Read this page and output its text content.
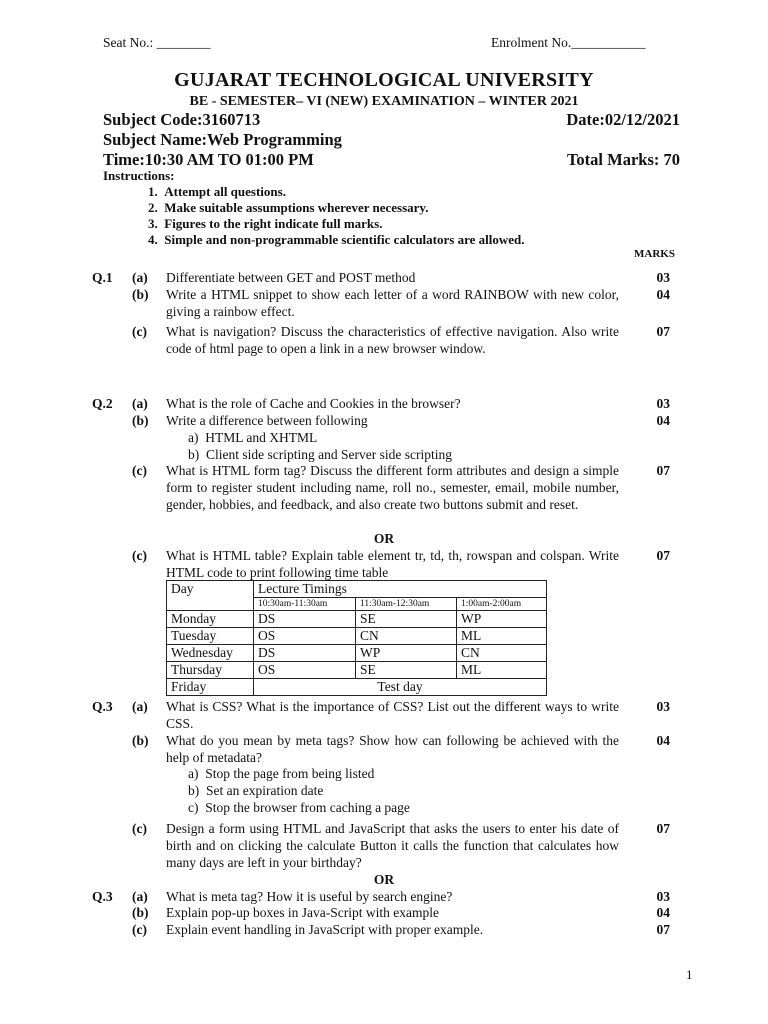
Seat No.: ________	Enrolment No.___________
GUJARAT TECHNOLOGICAL UNIVERSITY
BE - SEMESTER– VI (NEW) EXAMINATION – WINTER 2021
Subject Code:3160713	Date:02/12/2021
Subject Name:Web Programming
Time:10:30 AM TO 01:00 PM	Total Marks: 70
Instructions:
1.  Attempt all questions.
2.  Make suitable assumptions wherever necessary.
3.  Figures to the right indicate full marks.
4.  Simple and non-programmable scientific calculators are allowed.
MARKS
Q.1 (a) Differentiate between GET and POST method	03
(b) Write a HTML snippet to show each letter of a word RAINBOW with new color, giving a rainbow effect.
04
(c) What is navigation? Discuss the characteristics of effective navigation. Also write code of html page to open a link in a new browser window.
07
Q.2 (a) What is the role of Cache and Cookies in the browser?	03
(b) Write a difference between following	04
a)  HTML and XHTML
b)  Client side scripting and Server side scripting
(c) What is HTML form tag? Discuss the different form attributes and design a simple form to register student including name, roll no., semester, email, mobile number, gender, hobbies, and feedback, and also create two buttons submit and reset.
07
OR
(c) What is HTML table? Explain table element tr, td, th, rowspan and colspan. Write HTML code to print following time table
07
Day	Lecture Timings		
	10:30am-11:30am	11:30am-12:30am	1:00am-2:00am
Monday	DS	SE	WP
Tuesday	OS	CN	ML
Wednesday	DS	WP	CN
Thursday	OS	SE	ML
Friday	Test day		
Q.3 (a) What is CSS? What is the importance of CSS? List out the different ways to write CSS.
03
(b) What do you mean by meta tags? Show how can following be achieved with the help of metadata?
04
a)  Stop the page from being listed
b)  Set an expiration date
c)  Stop the browser from caching a page
(c) Design a form using HTML and JavaScript that asks the users to enter his date of birth and on clicking the calculate Button it calls the function that calculates how many days are left in your birthday?
07
OR
Q.3 (a) What is meta tag? How it is useful by search engine?	03
(b) Explain pop-up boxes in Java-Script with example	04
(c) Explain event handling in JavaScript with proper example.	07
1
